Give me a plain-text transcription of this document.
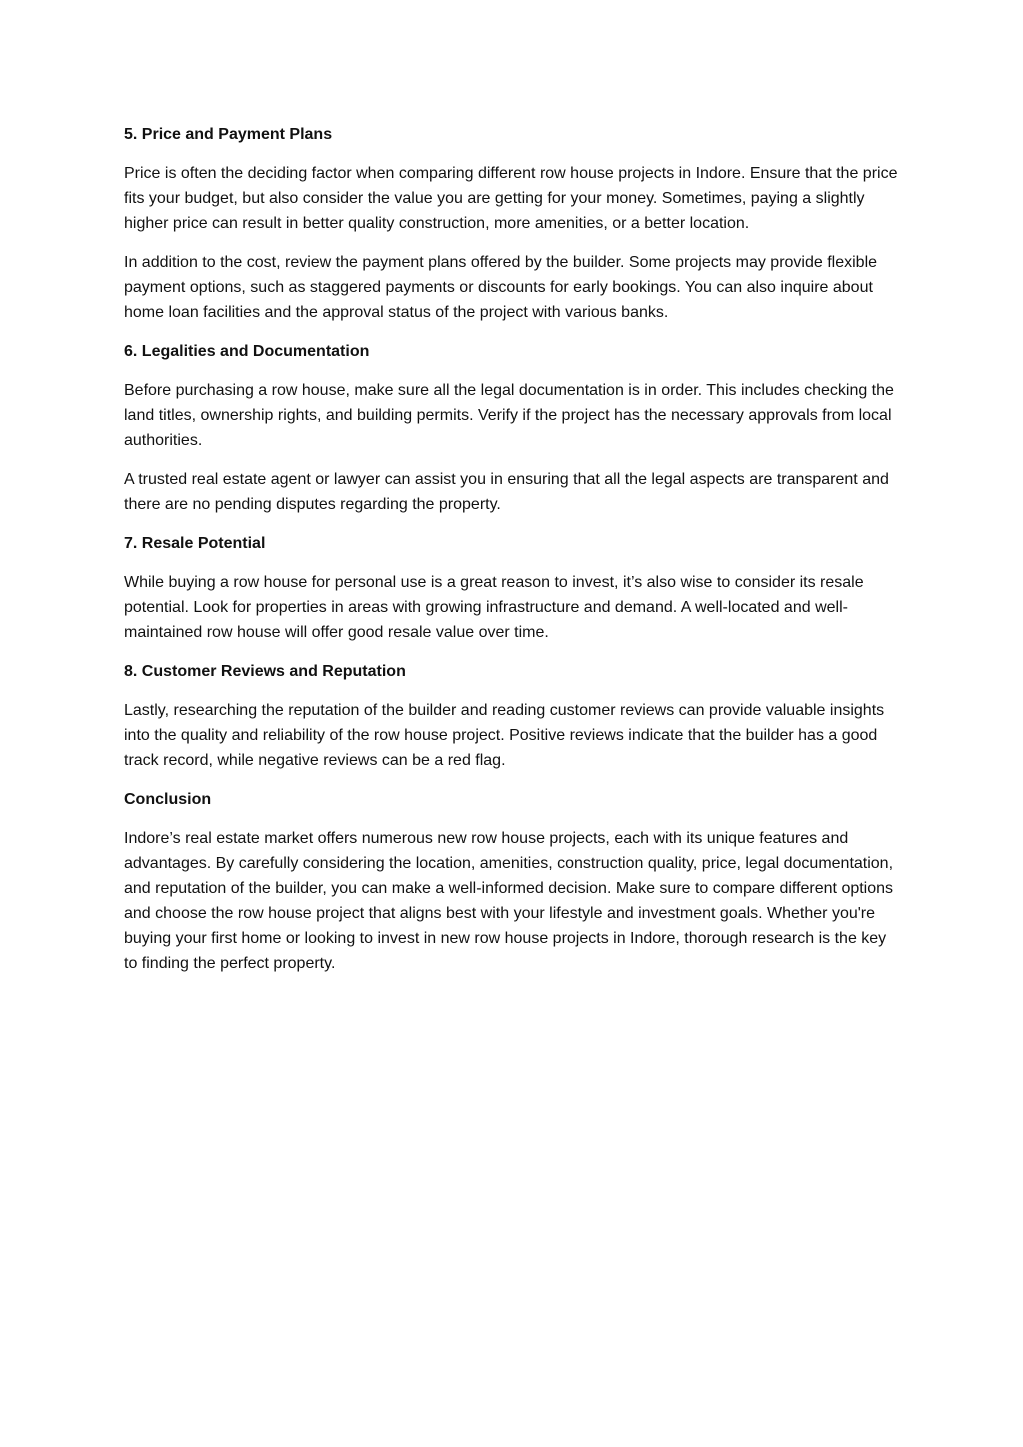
5. Price and Payment Plans

Price is often the deciding factor when comparing different row house projects in Indore. Ensure that the price fits your budget, but also consider the value you are getting for your money. Sometimes, paying a slightly higher price can result in better quality construction, more amenities, or a better location.

In addition to the cost, review the payment plans offered by the builder. Some projects may provide flexible payment options, such as staggered payments or discounts for early bookings. You can also inquire about home loan facilities and the approval status of the project with various banks.

6. Legalities and Documentation

Before purchasing a row house, make sure all the legal documentation is in order. This includes checking the land titles, ownership rights, and building permits. Verify if the project has the necessary approvals from local authorities.

A trusted real estate agent or lawyer can assist you in ensuring that all the legal aspects are transparent and there are no pending disputes regarding the property.

7. Resale Potential

While buying a row house for personal use is a great reason to invest, it’s also wise to consider its resale potential. Look for properties in areas with growing infrastructure and demand. A well-located and well-maintained row house will offer good resale value over time.

8. Customer Reviews and Reputation

Lastly, researching the reputation of the builder and reading customer reviews can provide valuable insights into the quality and reliability of the row house project. Positive reviews indicate that the builder has a good track record, while negative reviews can be a red flag.

Conclusion

Indore’s real estate market offers numerous new row house projects, each with its unique features and advantages. By carefully considering the location, amenities, construction quality, price, legal documentation, and reputation of the builder, you can make a well-informed decision. Make sure to compare different options and choose the row house project that aligns best with your lifestyle and investment goals. Whether you're buying your first home or looking to invest in new row house projects in Indore, thorough research is the key to finding the perfect property.
